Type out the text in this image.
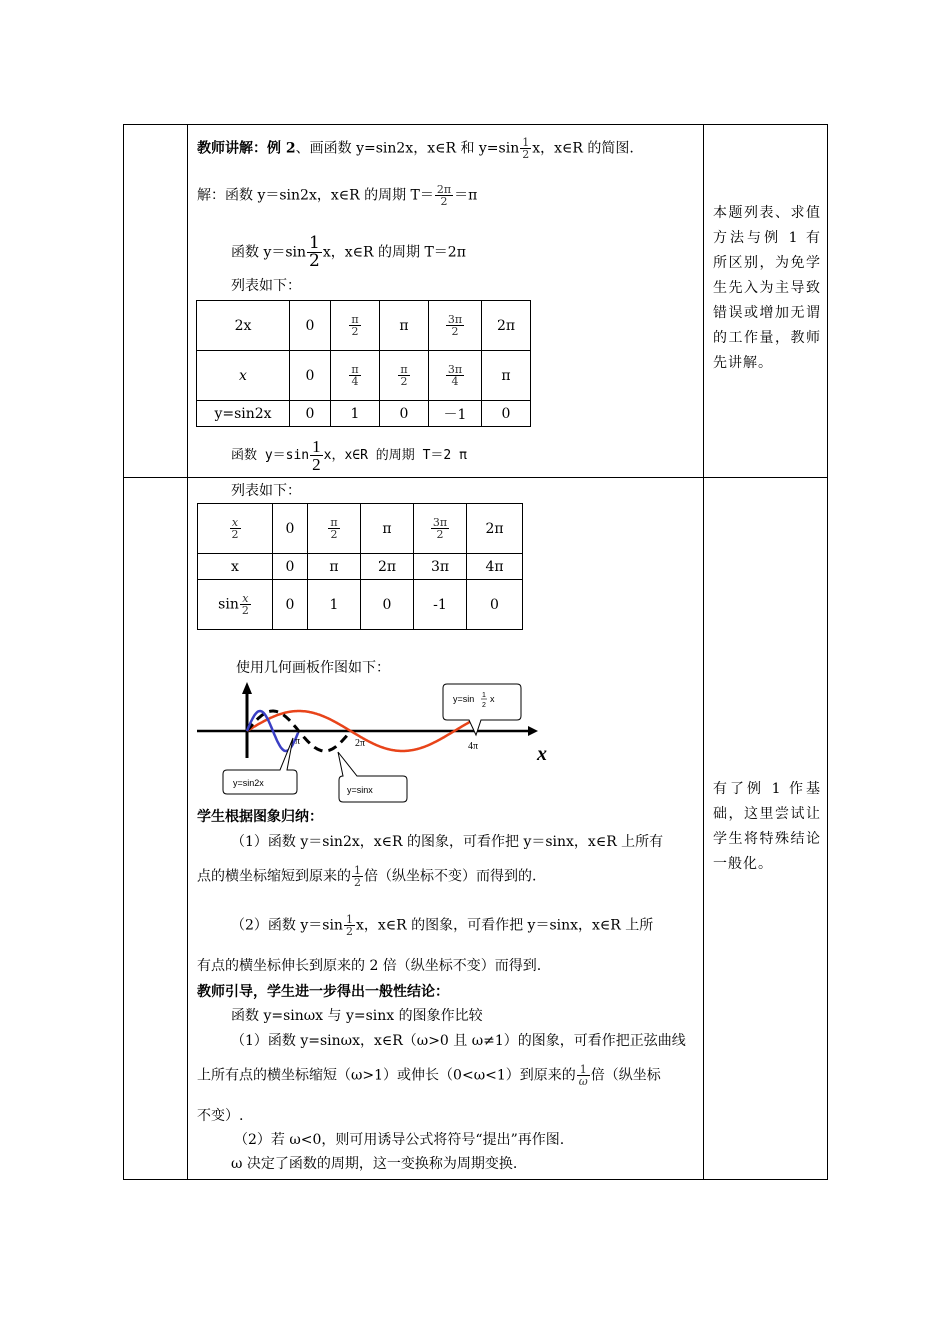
教师讲解：例 2、画函数 y=sin2x，x∈R 和 $y=\sin \frac{1}{2}$ x，x∈R 的简图.
解：函数 y＝sin2x，x∈R 的周期 $T= \frac{2\pi}{2} =\pi$
函数 $y=\sin \frac{1}{2}$ x，x∈R 的周期 T＝2π
列表如下：
2x	0	$\frac{\pi}{2}$	π	$\frac{3\pi}{2}$	2π
x	0	$\frac{\pi}{4}$	$\frac{\pi}{2}$	$\frac{3\pi}{4}$	π
y=sin2x	0	1	0	－1	0
函数 $y=\sin \frac{1}{2}$ x，x∈R 的周期 T＝2 π
本题列表、求值方法与例 1 有所区别，为免学生先入为主导致错误或增加无谓的工作量，教师先讲解。
有了例 1 作基础，这里尝试让学生将特殊结论一般化。
列表如下：
$\frac{x}{2}$	0	$\frac{\pi}{2}$	π	$\frac{3\pi}{2}$	2π
x	0	π	2π	3π	4π
$\sin \frac{x}{2}$	0	1	0	-1	0
使用几何画板作图如下：
π	2π	4π	x
y=sin 1
2
x
y=sin2x
y=sinx
学生根据图象归纳：
（1）函数 y＝sin2x，x∈R 的图象，可看作把 y＝sinx，x∈R 上所有
点的横坐标缩短到原来的 $\frac{1}{2}$ 倍（纵坐标不变）而得到的.
（2）函数 $y=\sin \frac{1}{2}$ x，x∈R 的图象，可看作把 y＝sinx，x∈R 上所
有点的横坐标伸长到原来的 2 倍（纵坐标不变）而得到.
教师引导，学生进一步得出一般性结论：
函数 y=sinωx 与 y=sinx 的图象作比较
（1）函数 y=sinωx，x∈R（ω>0 且 ω≠1）的图象，可看作把正弦曲线
上所有点的横坐标缩短（ω>1）或伸长（0<ω<1）到原来的 $\frac{1}{\omega}$ 倍（纵坐标
不变）.
（2）若 ω<0，则可用诱导公式将符号“提出”再作图.
ω 决定了函数的周期，这一变换称为周期变换.
